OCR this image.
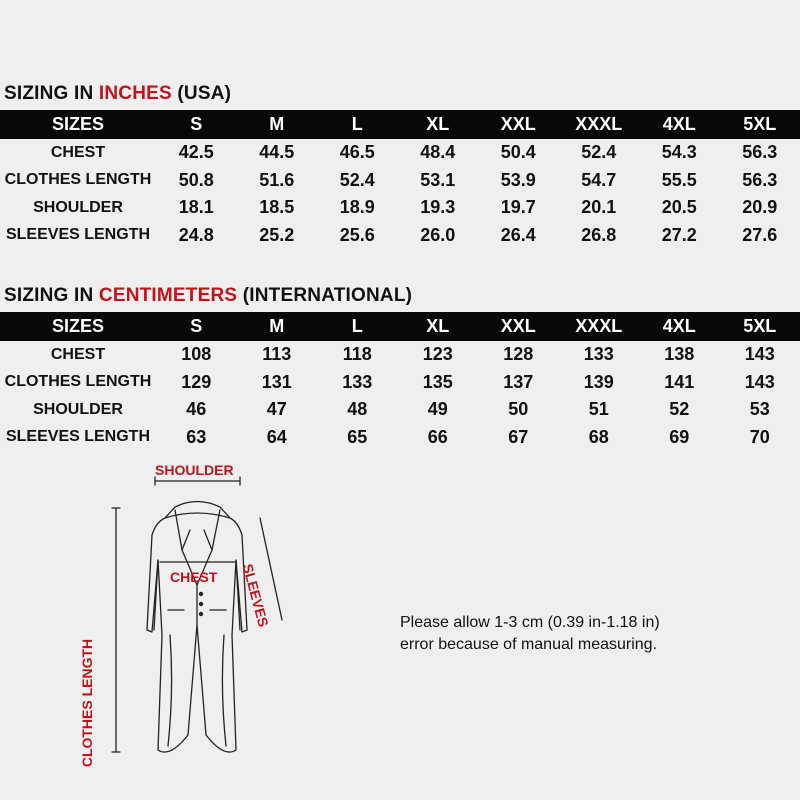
SIZING IN INCHES (USA)
SIZES	S	M	L	XL	XXL	XXXL	4XL	5XL
CHEST	42.5	44.5	46.5	48.4	50.4	52.4	54.3	56.3
CLOTHES LENGTH	50.8	51.6	52.4	53.1	53.9	54.7	55.5	56.3
SHOULDER	18.1	18.5	18.9	19.3	19.7	20.1	20.5	20.9
SLEEVES LENGTH	24.8	25.2	25.6	26.0	26.4	26.8	27.2	27.6
SIZING IN CENTIMETERS (INTERNATIONAL)
SIZES	S	M	L	XL	XXL	XXXL	4XL	5XL
CHEST	108	113	118	123	128	133	138	143
CLOTHES LENGTH	129	131	133	135	137	139	141	143
SHOULDER	46	47	48	49	50	51	52	53
SLEEVES LENGTH	63	64	65	66	67	68	69	70

SHOULDER

CHEST SLEEVES

CLOTHES LENGTH

Please allow 1-3 cm (0.39 in-1.18 in)
error because of manual measuring.
